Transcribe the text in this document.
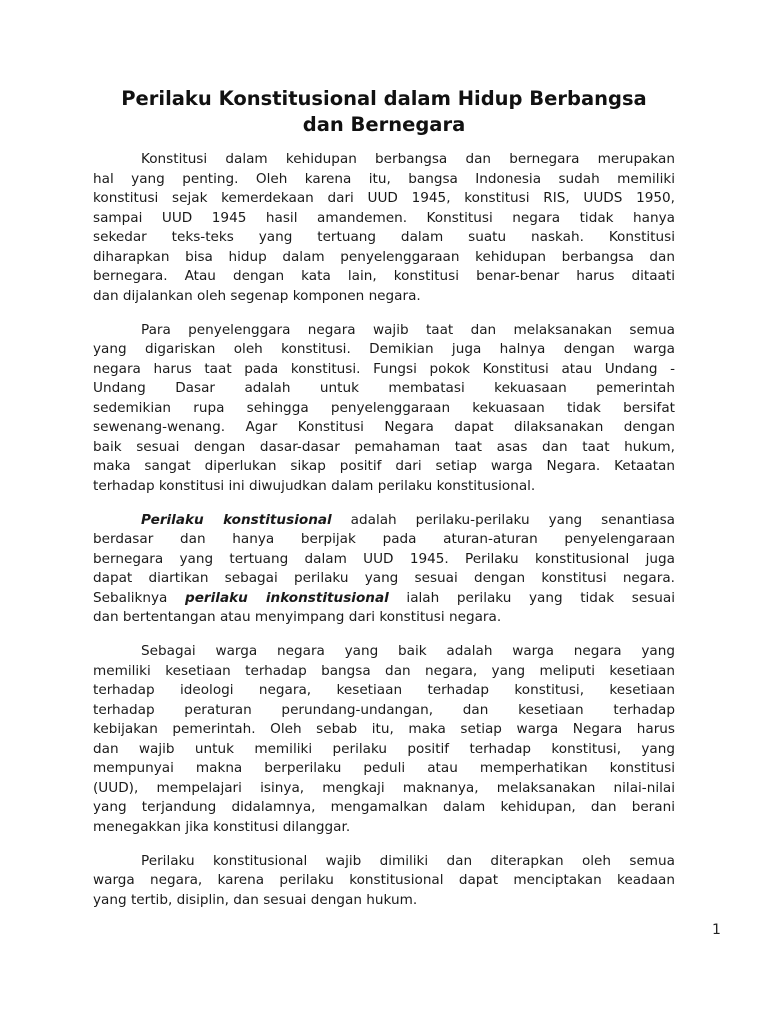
Perilaku Konstitusional dalam Hidup Berbangsa
dan Bernegara
Konstitusi dalam kehidupan berbangsa dan bernegara merupakan
hal yang penting. Oleh karena itu, bangsa Indonesia sudah memiliki
konstitusi sejak kemerdekaan dari UUD 1945, konstitusi RIS, UUDS 1950,
sampai UUD 1945 hasil amandemen. Konstitusi negara tidak hanya
sekedar teks-teks yang tertuang dalam suatu naskah. Konstitusi
diharapkan bisa hidup dalam penyelenggaraan kehidupan berbangsa dan
bernegara. Atau dengan kata lain, konstitusi benar-benar harus ditaati
dan dijalankan oleh segenap komponen negara.
Para penyelenggara negara wajib taat dan melaksanakan semua
yang digariskan oleh konstitusi. Demikian juga halnya dengan warga
negara harus taat pada konstitusi. Fungsi pokok Konstitusi atau Undang -
Undang Dasar adalah untuk membatasi kekuasaan pemerintah
sedemikian rupa sehingga penyelenggaraan kekuasaan tidak bersifat
sewenang-wenang. Agar Konstitusi Negara dapat dilaksanakan dengan
baik sesuai dengan dasar-dasar pemahaman taat asas dan taat hukum,
maka sangat diperlukan sikap positif dari setiap warga Negara. Ketaatan
terhadap konstitusi ini diwujudkan dalam perilaku konstitusional.
Perilaku konstitusional adalah perilaku-perilaku yang senantiasa
berdasar dan hanya berpijak pada aturan-aturan penyelengaraan
bernegara yang tertuang dalam UUD 1945. Perilaku konstitusional juga
dapat diartikan sebagai perilaku yang sesuai dengan konstitusi negara.
Sebaliknya perilaku inkonstitusional ialah perilaku yang tidak sesuai
dan bertentangan atau menyimpang dari konstitusi negara.
Sebagai warga negara yang baik adalah warga negara yang
memiliki kesetiaan terhadap bangsa dan negara, yang meliputi kesetiaan
terhadap ideologi negara, kesetiaan terhadap konstitusi, kesetiaan
terhadap peraturan perundang-undangan, dan kesetiaan terhadap
kebijakan pemerintah. Oleh sebab itu, maka setiap warga Negara harus
dan wajib untuk memiliki perilaku positif terhadap konstitusi, yang
mempunyai makna berperilaku peduli atau memperhatikan konstitusi
(UUD), mempelajari isinya, mengkaji maknanya, melaksanakan nilai-nilai
yang terjandung didalamnya, mengamalkan dalam kehidupan, dan berani
menegakkan jika konstitusi dilanggar.
Perilaku konstitusional wajib dimiliki dan diterapkan oleh semua
warga negara, karena perilaku konstitusional dapat menciptakan keadaan
yang tertib, disiplin, dan sesuai dengan hukum.
1
